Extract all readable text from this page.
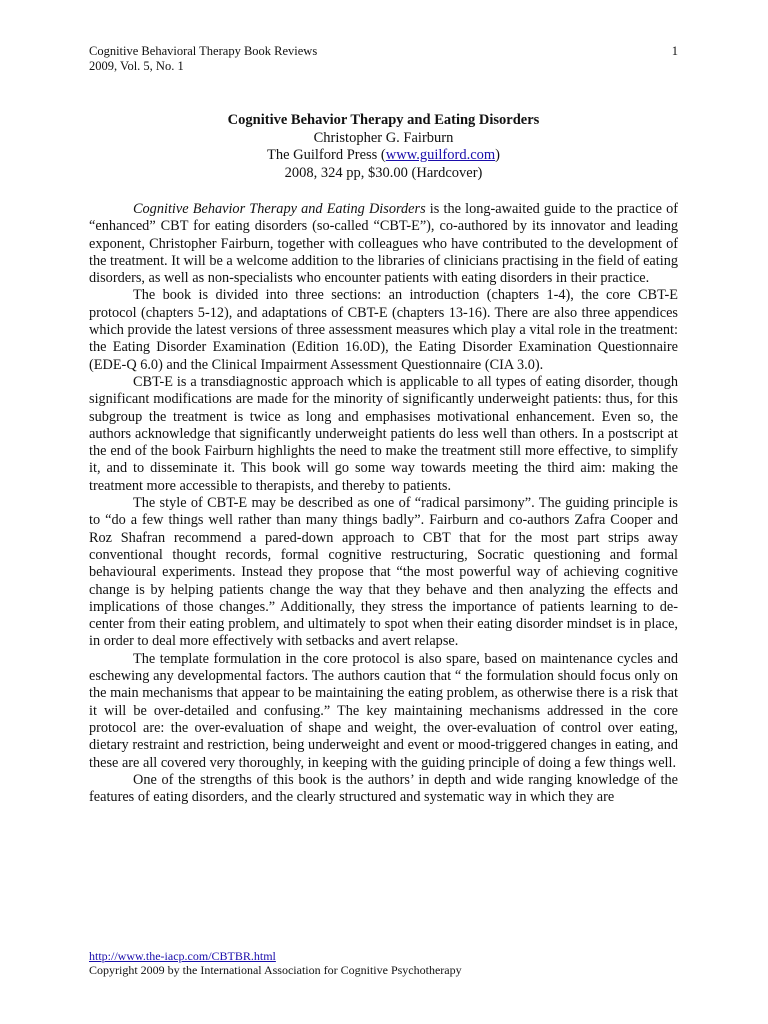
Cognitive Behavioral Therapy Book Reviews	1
2009, Vol. 5, No. 1
Cognitive Behavior Therapy and Eating Disorders
Christopher G. Fairburn
The Guilford Press (www.guilford.com)
2008, 324 pp, $30.00 (Hardcover)

Cognitive Behavior Therapy and Eating Disorders is the long-awaited guide to the practice of “enhanced” CBT for eating disorders (so-called “CBT-E”), co-authored by its innovator and leading exponent, Christopher Fairburn, together with colleagues who have contributed to the development of the treatment. It will be a welcome addition to the libraries of clinicians practising in the field of eating disorders, as well as non-specialists who encounter patients with eating disorders in their practice.

The book is divided into three sections: an introduction (chapters 1-4), the core CBT-E protocol (chapters 5-12), and adaptations of CBT-E (chapters 13-16). There are also three appendices which provide the latest versions of three assessment measures which play a vital role in the treatment: the Eating Disorder Examination (Edition 16.0D), the Eating Disorder Examination Questionnaire (EDE-Q 6.0) and the Clinical Impairment Assessment Questionnaire (CIA 3.0).

CBT-E is a transdiagnostic approach which is applicable to all types of eating disorder, though significant modifications are made for the minority of significantly underweight patients: thus, for this subgroup the treatment is twice as long and emphasises motivational enhancement. Even so, the authors acknowledge that significantly underweight patients do less well than others. In a postscript at the end of the book Fairburn highlights the need to make the treatment still more effective, to simplify it, and to disseminate it. This book will go some way towards meeting the third aim: making the treatment more accessible to therapists, and thereby to patients.

The style of CBT-E may be described as one of “radical parsimony”. The guiding principle is to “do a few things well rather than many things badly”. Fairburn and co-authors Zafra Cooper and Roz Shafran recommend a pared-down approach to CBT that for the most part strips away conventional thought records, formal cognitive restructuring, Socratic questioning and formal behavioural experiments. Instead they propose that “the most powerful way of achieving cognitive change is by helping patients change the way that they behave and then analyzing the effects and implications of those changes.” Additionally, they stress the importance of patients learning to de-center from their eating problem, and ultimately to spot when their eating disorder mindset is in place, in order to deal more effectively with setbacks and avert relapse.

The template formulation in the core protocol is also spare, based on maintenance cycles and eschewing any developmental factors. The authors caution that “ the formulation should focus only on the main mechanisms that appear to be maintaining the eating problem, as otherwise there is a risk that it will be over-detailed and confusing.” The key maintaining mechanisms addressed in the core protocol are: the over-evaluation of shape and weight, the over-evaluation of control over eating, dietary restraint and restriction, being underweight and event or mood-triggered changes in eating, and these are all covered very thoroughly, in keeping with the guiding principle of doing a few things well.

One of the strengths of this book is the authors’ in depth and wide ranging knowledge of the features of eating disorders, and the clearly structured and systematic way in which they are

http://www.the-iacp.com/CBTBR.html
Copyright 2009 by the International Association for Cognitive Psychotherapy
